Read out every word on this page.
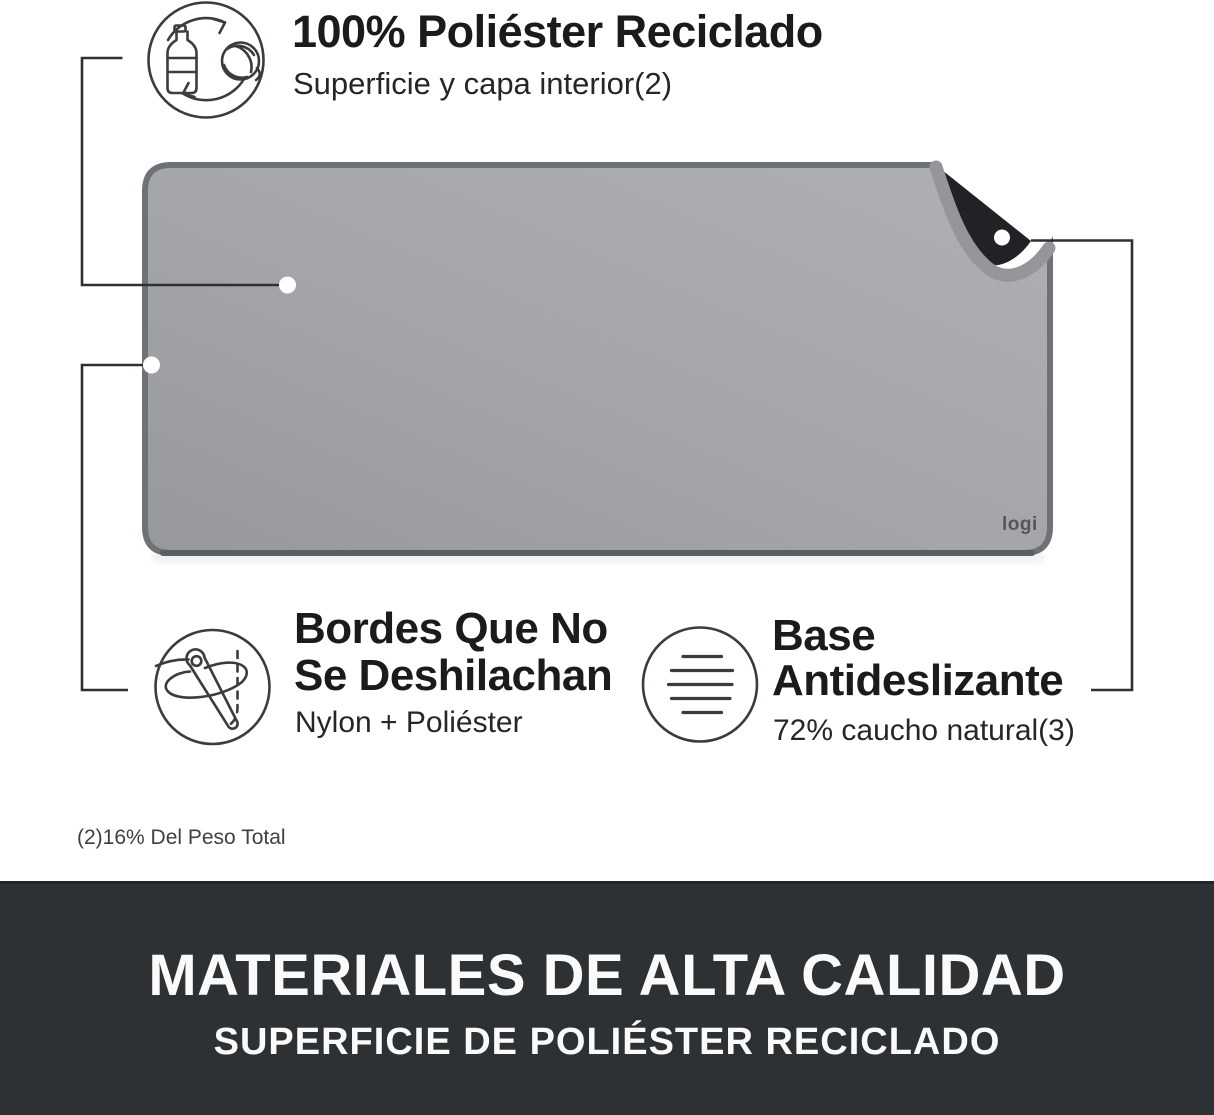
100% Poliéster Reciclado
Superficie y capa interior(2)
logi
Bordes Que No
Se Deshilachan
Nylon + Poliéster
Base
Antideslizante
72% caucho natural(3)
(2)16% Del Peso Total
MATERIALES DE ALTA CALIDAD
SUPERFICIE DE POLIÉSTER RECICLADO
